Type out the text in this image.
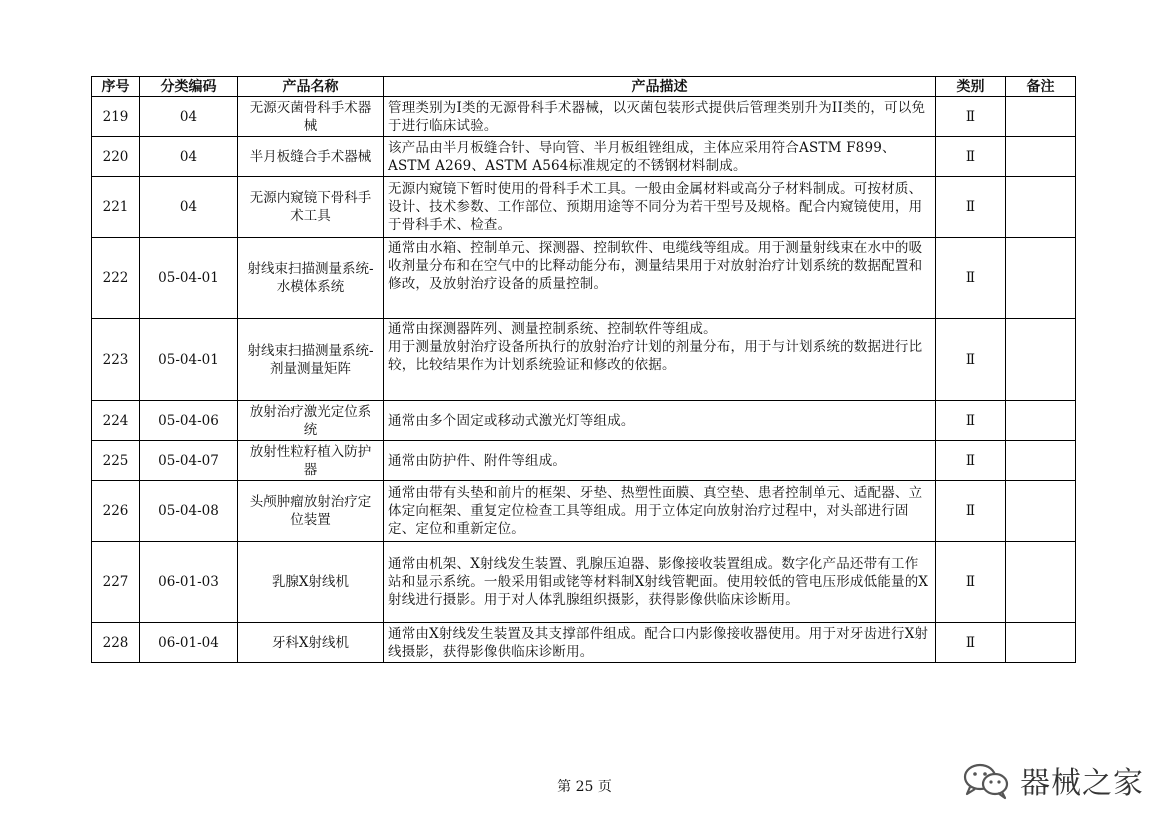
序号	分类编码	产品名称	产品描述	类别	备注
219	04	无源灭菌骨科手术器械	管理类别为Ⅰ类的无源骨科手术器械，以灭菌包装形式提供后管理类别升为II类的，可以免于进行临床试验。	Ⅱ	
220	04	半月板缝合手术器械	该产品由半月板缝合针、导向管、半月板组锉组成，主体应采用符合ASTM F899、ASTM A269、ASTM A564标准规定的不锈钢材料制成。	Ⅱ	
221	04	无源内窥镜下骨科手术工具	无源内窥镜下暂时使用的骨科手术工具。一般由金属材料或高分子材料制成。可按材质、设计、技术参数、工作部位、预期用途等不同分为若干型号及规格。配合内窥镜使用，用于骨科手术、检查。	Ⅱ	
222	05-04-01	射线束扫描测量系统-水模体系统	通常由水箱、控制单元、探测器、控制软件、电缆线等组成。用于测量射线束在水中的吸收剂量分布和在空气中的比释动能分布，测量结果用于对放射治疗计划系统的数据配置和修改，及放射治疗设备的质量控制。	Ⅱ	
223	05-04-01	射线束扫描测量系统-剂量测量矩阵	通常由探测器阵列、测量控制系统、控制软件等组成。
用于测量放射治疗设备所执行的放射治疗计划的剂量分布，用于与计划系统的数据进行比较，比较结果作为计划系统验证和修改的依据。	Ⅱ	
224	05-04-06	放射治疗激光定位系统	通常由多个固定或移动式激光灯等组成。	Ⅱ	
225	05-04-07	放射性粒籽植入防护器	通常由防护件、附件等组成。	Ⅱ	
226	05-04-08	头颅肿瘤放射治疗定位装置	通常由带有头垫和前片的框架、牙垫、热塑性面膜、真空垫、患者控制单元、适配器、立体定向框架、重复定位检查工具等组成。用于立体定向放射治疗过程中，对头部进行固定、定位和重新定位。	Ⅱ	
227	06-01-03	乳腺X射线机	通常由机架、X射线发生装置、乳腺压迫器、影像接收装置组成。数字化产品还带有工作站和显示系统。一般采用钼或铑等材料制X射线管靶面。使用较低的管电压形成低能量的X射线进行摄影。用于对人体乳腺组织摄影，获得影像供临床诊断用。	Ⅱ	
228	06-01-04	牙科X射线机	通常由X射线发生装置及其支撑部件组成。配合口内影像接收器使用。用于对牙齿进行X射线摄影，获得影像供临床诊断用。	Ⅱ	
第 25 页	器械之家
